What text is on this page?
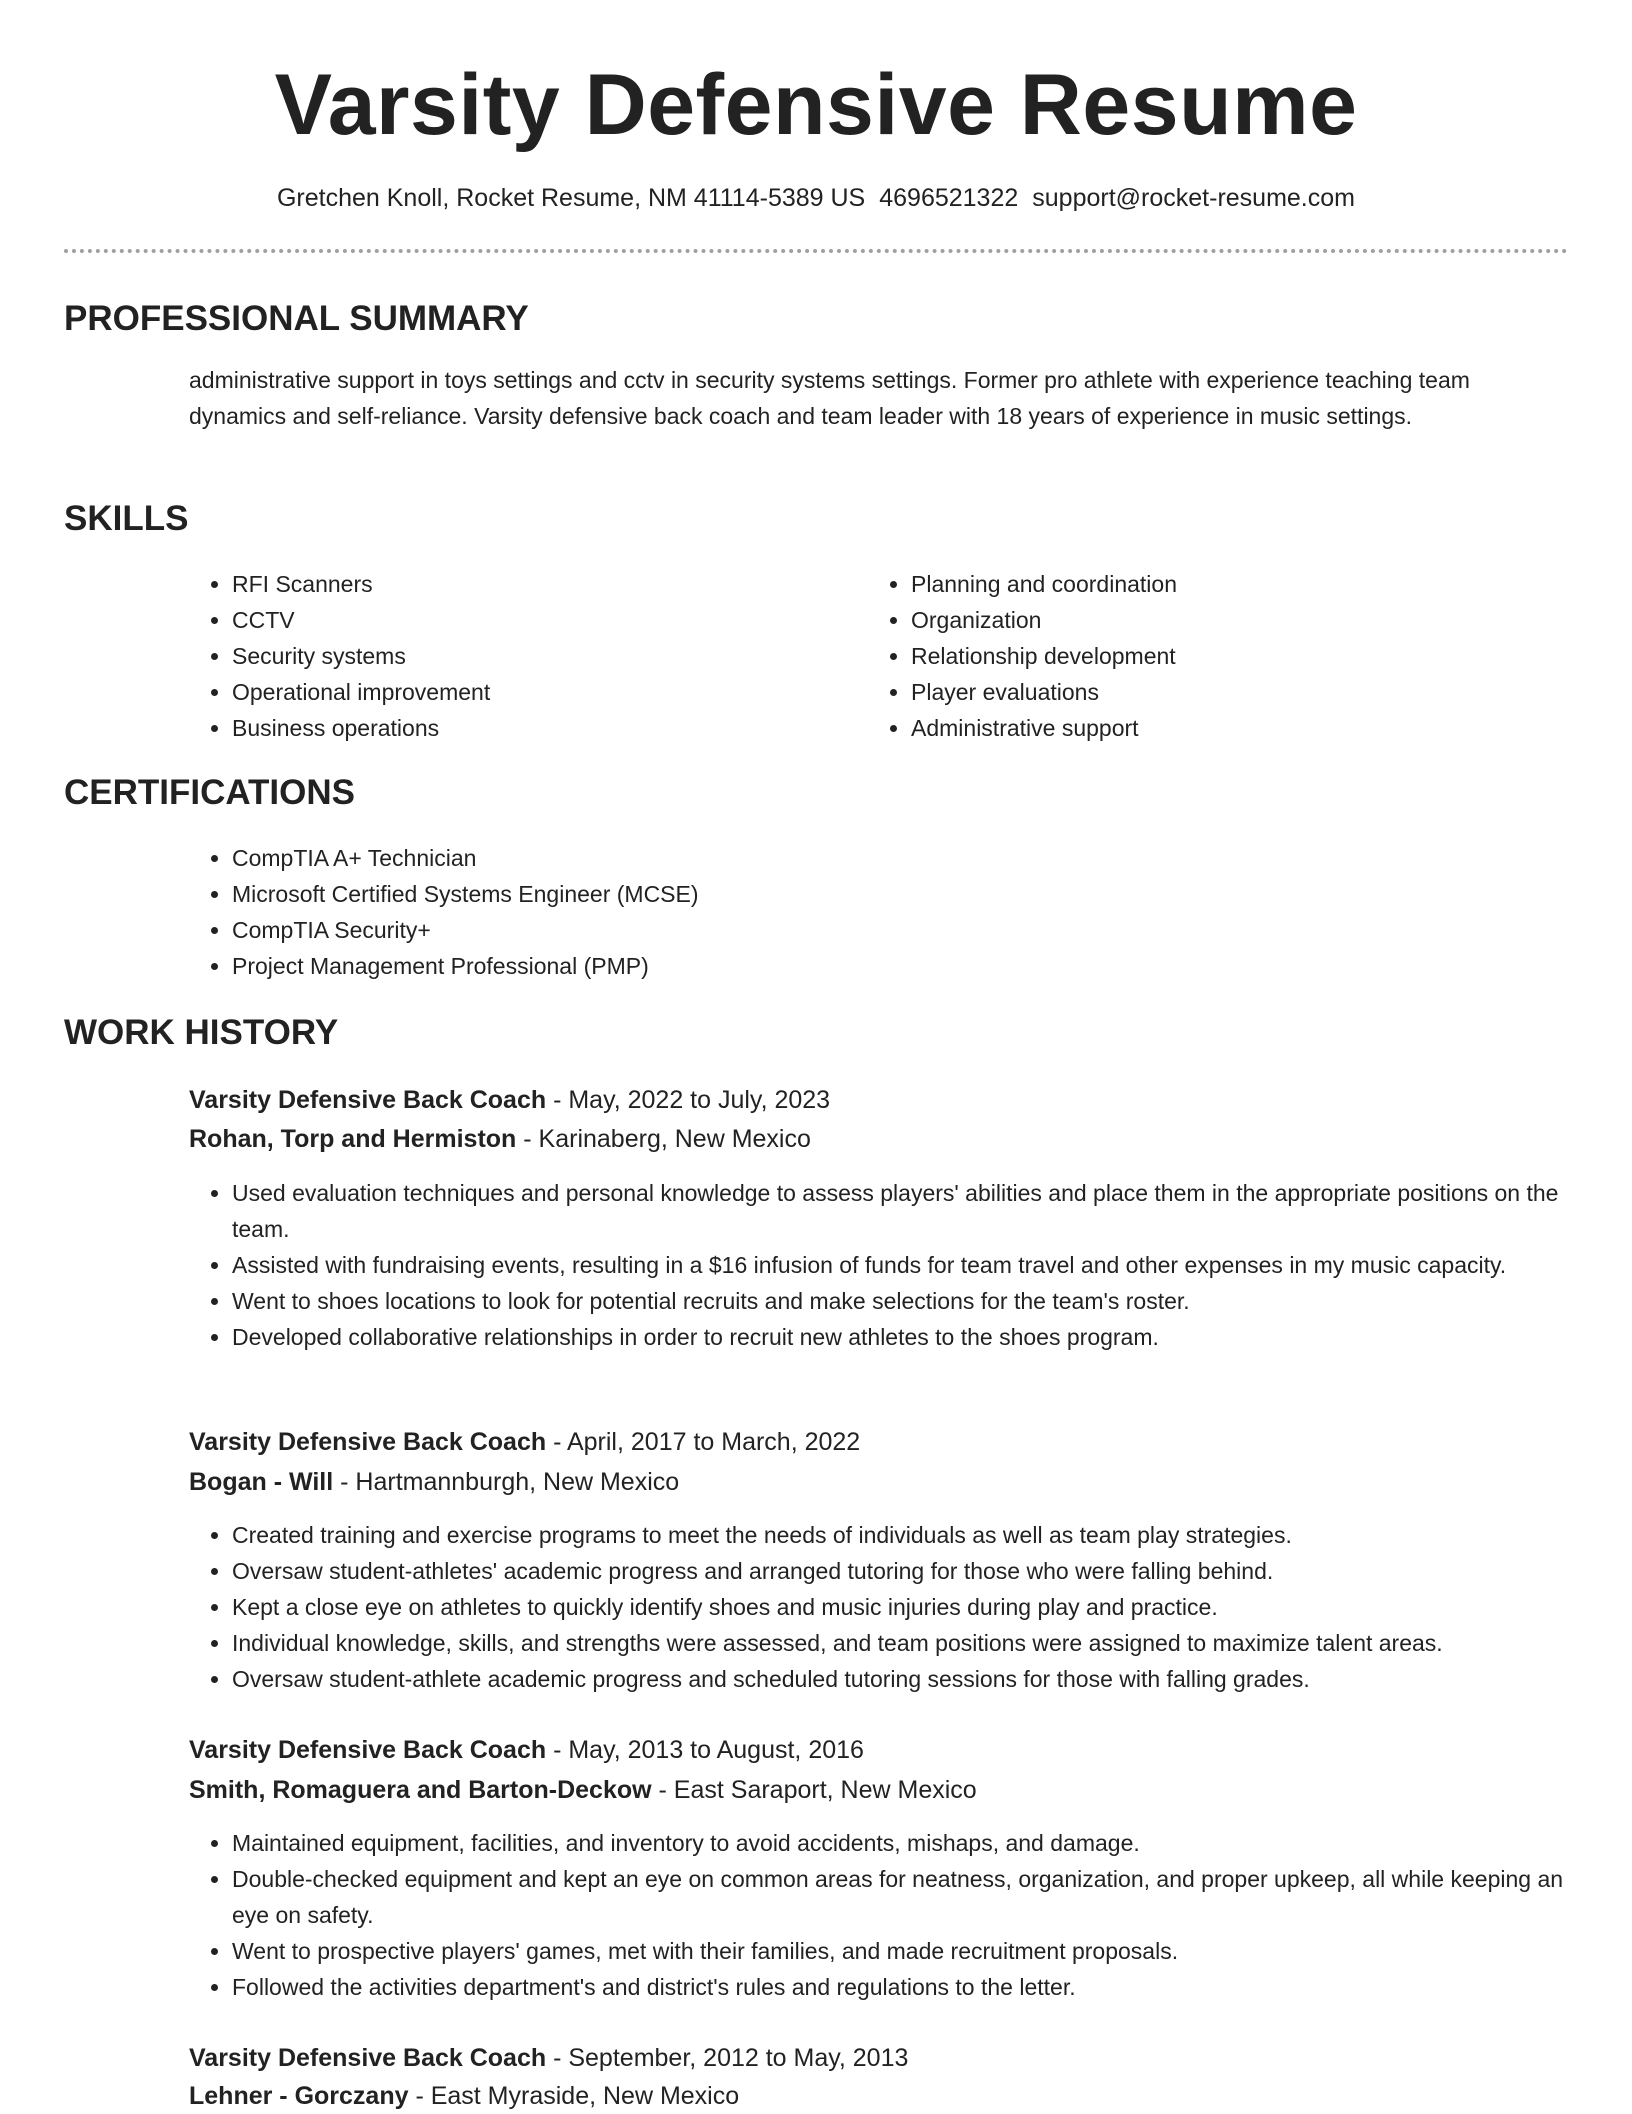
Varsity Defensive Resume
Gretchen Knoll, Rocket Resume, NM 41114-5389 US 4696521322 support@rocket-resume.com
PROFESSIONAL SUMMARY

administrative support in toys settings and cctv in security systems settings. Former pro athlete with experience teaching team dynamics and self-reliance. Varsity defensive back coach and team leader with 18 years of experience in music settings.

SKILLS
• RFI Scanners
• CCTV
• Security systems
• Operational improvement
• Business operations
• Planning and coordination
• Organization
• Relationship development
• Player evaluations
• Administrative support
CERTIFICATIONS
• CompTIA A+ Technician
• Microsoft Certified Systems Engineer (MCSE)
• CompTIA Security+
• Project Management Professional (PMP)
WORK HISTORY
Varsity Defensive Back Coach - May, 2022 to July, 2023
Rohan, Torp and Hermiston - Karinaberg, New Mexico
• Used evaluation techniques and personal knowledge to assess players' abilities and place them in the appropriate positions on the team.
• Assisted with fundraising events, resulting in a $16 infusion of funds for team travel and other expenses in my music capacity.
• Went to shoes locations to look for potential recruits and make selections for the team's roster.
• Developed collaborative relationships in order to recruit new athletes to the shoes program.
Varsity Defensive Back Coach - April, 2017 to March, 2022
Bogan - Will - Hartmannburgh, New Mexico
• Created training and exercise programs to meet the needs of individuals as well as team play strategies.
• Oversaw student-athletes' academic progress and arranged tutoring for those who were falling behind.
• Kept a close eye on athletes to quickly identify shoes and music injuries during play and practice.
• Individual knowledge, skills, and strengths were assessed, and team positions were assigned to maximize talent areas.
• Oversaw student-athlete academic progress and scheduled tutoring sessions for those with falling grades.
Varsity Defensive Back Coach - May, 2013 to August, 2016
Smith, Romaguera and Barton-Deckow - East Saraport, New Mexico
• Maintained equipment, facilities, and inventory to avoid accidents, mishaps, and damage.
• Double-checked equipment and kept an eye on common areas for neatness, organization, and proper upkeep, all while keeping an eye on safety.
• Went to prospective players' games, met with their families, and made recruitment proposals.
• Followed the activities department's and district's rules and regulations to the letter.
Varsity Defensive Back Coach - September, 2012 to May, 2013
Lehner - Gorczany - East Myraside, New Mexico
